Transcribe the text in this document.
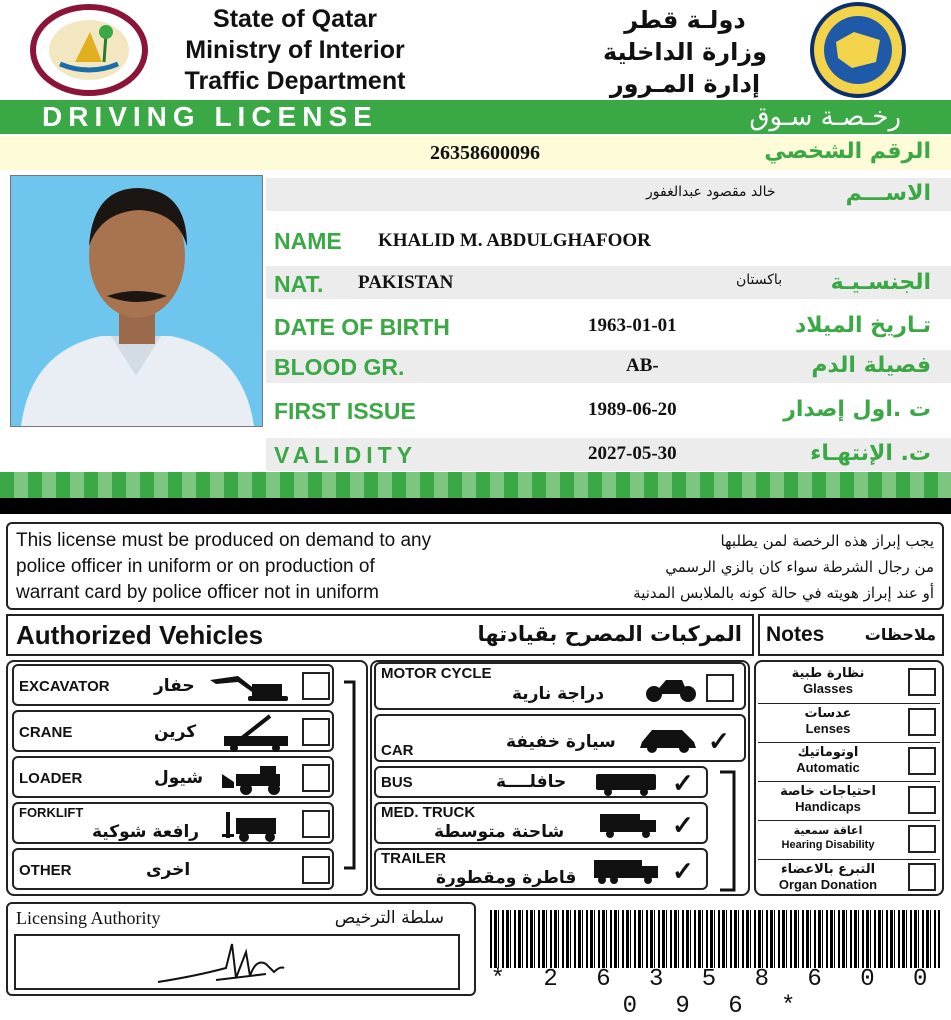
State of Qatar
Ministry of Interior
Traffic Department
دولـة قطر
وزارة الداخلية
إدارة المـرور
DRIVING LICENSE	رخـصـة سـوق
26358600096	الرقم الشخصي
خالد مقصود عبدالغفور	الاســـم
NAME KHALID M. ABDULGHAFOOR
NAT. PAKISTAN	باكستان الجنسـيـة
DATE OF BIRTH	1963-01-01	تـاريخ الميلاد
BLOOD GR.	AB-	فصيلة الدم
FIRST ISSUE	1989-06-20	ت .اول إصدار
VALIDITY	2027-05-30	ت. الإنتهـاء
This license must be produced on demand to any
police officer in uniform or on production of
warrant card by police officer not in uniform
يجب إبراز هذه الرخصة لمن يطلبها
من رجال الشرطة سواء كان بالزي الرسمي
أو عند إبراز هويته في حالة كونه بالملابس المدنية
Authorized Vehicles	المركبات المصرح بقيادتها Notes	ملاحظات
EXCAVATOR	حفار
CRANE	كرين
LOADER	شيول
FORKLIFT
رافعة شوكية
OTHER	اخرى
MOTOR CYCLE
دراجة نارية
CAR	سيارة خفيفة	✓
BUS	حافلــــة	✓
MED. TRUCK
شاحنة متوسطة	✓
TRAILER
قاطرة ومقطورة	✓
نظارة طبية
Glasses
عدسات
Lenses
اوتوماتيك
Automatic
احتياجات خاصة
Handicaps
اعاقة سمعية
Hearing Disability
التبرع بالاعضاء
Organ Donation
Licensing Authority	سلطة الترخيص
* 2 6 3 5 8 6 0 0 0 9 6 *
